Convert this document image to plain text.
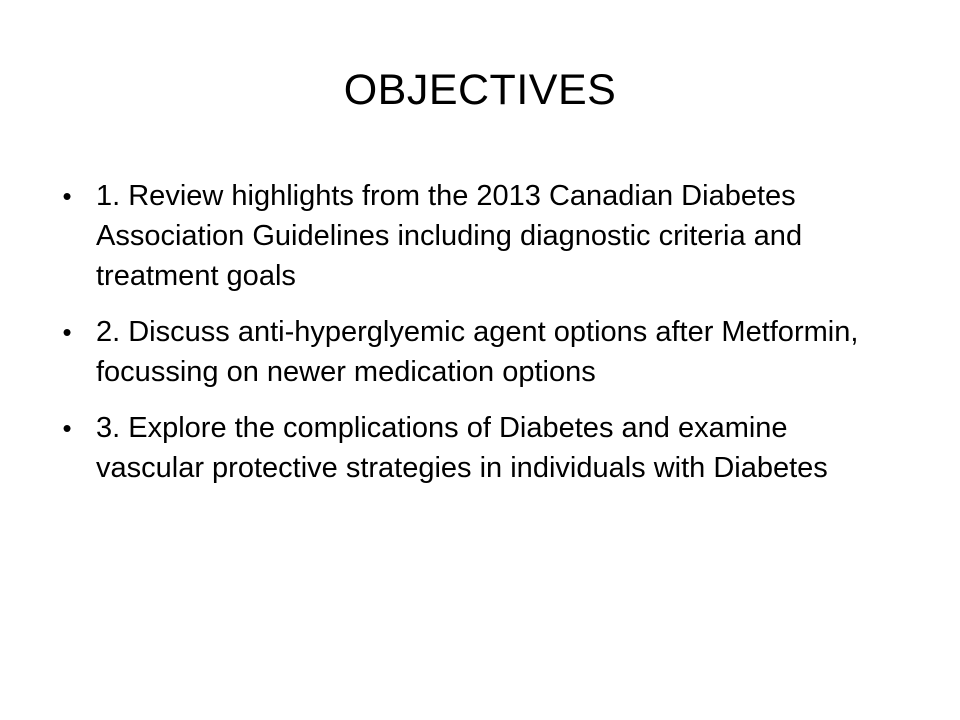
OBJECTIVES
• 1. Review highlights from the 2013 Canadian Diabetes Association Guidelines including diagnostic criteria and treatment goals
• 2. Discuss anti-hyperglyemic agent options after Metformin, focussing on newer medication options
• 3. Explore the complications of Diabetes and examine vascular protective strategies in individuals with Diabetes
